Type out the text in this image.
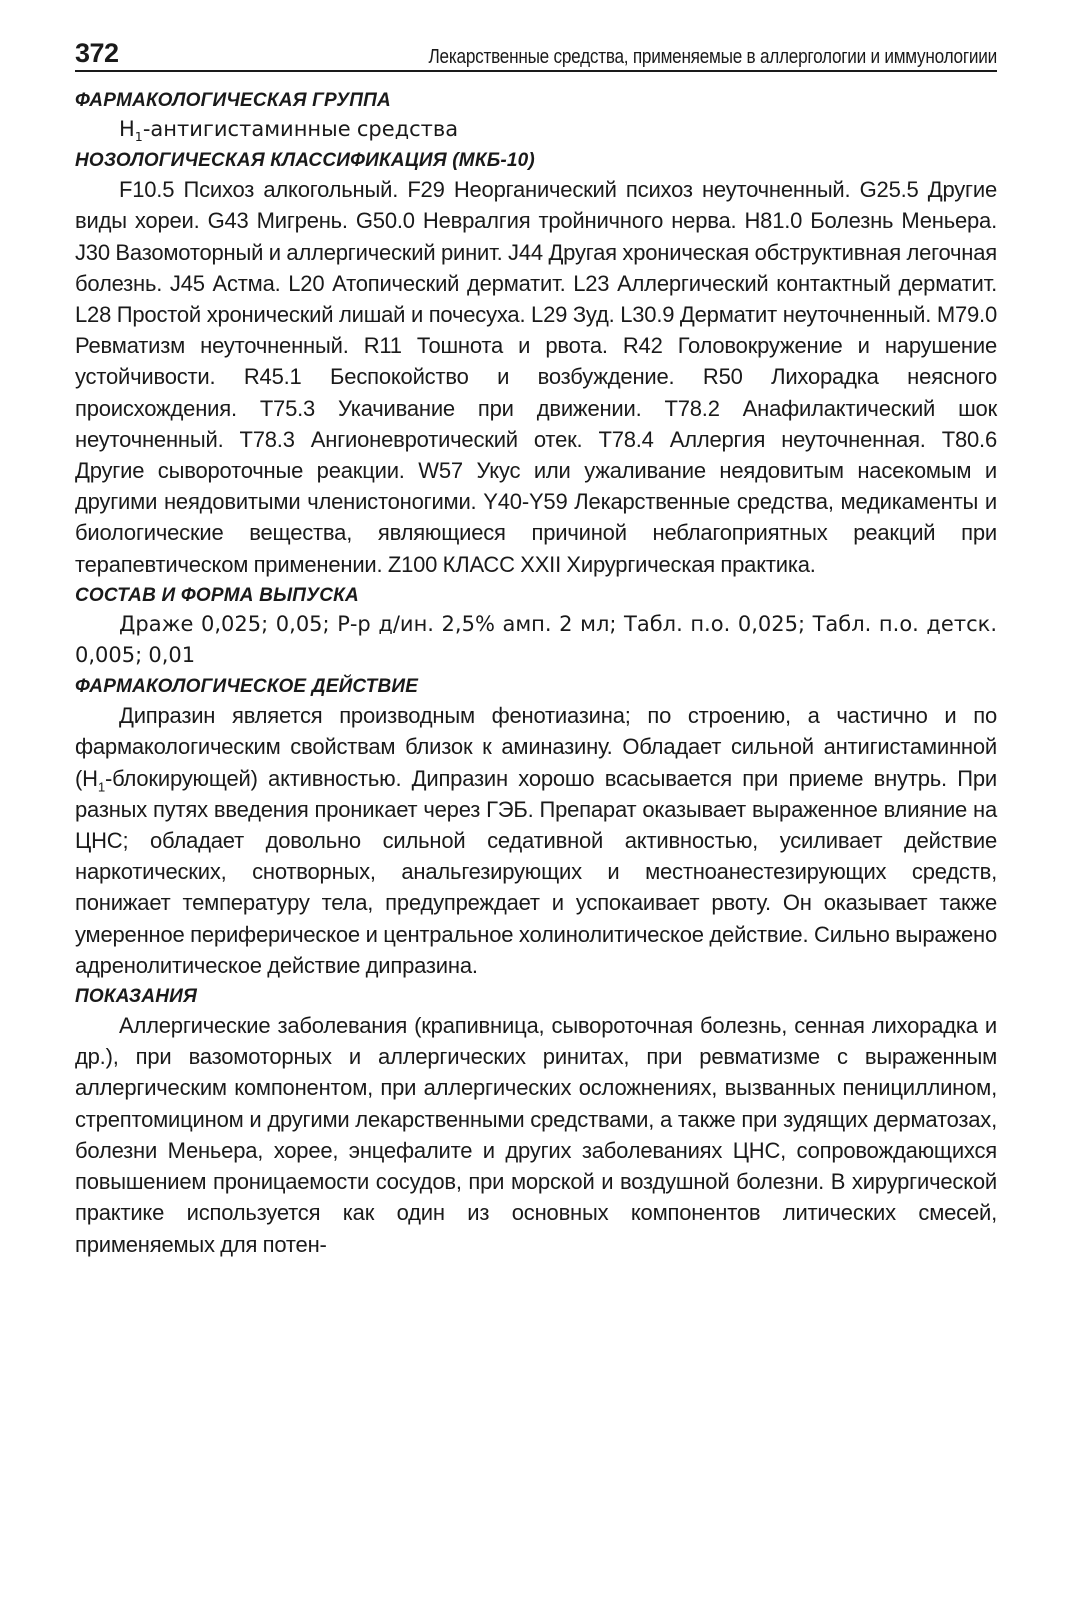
372	Лекарственные средства, применяемые в аллергологии и иммунологиии
ФАРМАКОЛОГИЧЕСКАЯ ГРУППА

$H_1$-антигистаминные средства

НОЗОЛОГИЧЕСКАЯ КЛАССИФИКАЦИЯ (МКБ-10)

F10.5 Психоз алкогольный. F29 Неорганический психоз неуточненный. G25.5 Другие виды хореи. G43 Мигрень. G50.0 Невралгия тройничного нерва. H81.0 Болезнь Меньера. J30 Вазомоторный и аллергический ринит. J44 Другая хроническая обструктивная легочная болезнь. J45 Астма. L20 Атопический дерматит. L23 Аллергический контактный дерматит. L28 Простой хронический лишай и почесуха. L29 Зуд. L30.9 Дерматит неуточненный. M79.0 Ревматизм неуточненный. R11 Тошнота и рвота. R42 Головокружение и нарушение устойчивости. R45.1 Беспокойство и возбуждение. R50 Лихорадка неясного происхождения. T75.3 Укачивание при движении. T78.2 Анафилактический шок неуточненный. T78.3 Ангионевротический отек. T78.4 Аллергия неуточненная. T80.6 Другие сывороточные реакции. W57 Укус или ужаливание неядовитым насекомым и другими неядовитыми членистоногими. Y40-Y59 Лекарственные средства, медикаменты и биологические вещества, являющиеся причиной неблагоприятных реакций при терапевтическом применении. Z100 КЛАСС XXII Хирургическая практика.

СОСТАВ И ФОРМА ВЫПУСКА

Драже 0,025; 0,05; Р-р д/ин. 2,5% амп. 2 мл; Табл. п.о. 0,025; Табл. п.о. детск. 0,005; 0,01

ФАРМАКОЛОГИЧЕСКОЕ ДЕЙСТВИЕ

Дипразин является производным фенотиазина; по строению, а частично и по фармакологическим свойствам близок к аминазину. Обладает сильной антигистаминной $(H_1-блокирующей)$ активностью. Дипразин хорошо всасывается при приеме внутрь. При разных путях введения проникает через ГЭБ. Препарат оказывает выраженное влияние на ЦНС; обладает довольно сильной седативной активностью, усиливает действие наркотических, снотворных, анальгезирующих и местноанестезирующих средств, понижает температуру тела, предупреждает и успокаивает рвоту. Он оказывает также умеренное периферическое и центральное холинолитическое действие. Сильно выражено адренолитическое действие дипразина.

ПОКАЗАНИЯ

Аллергические заболевания (крапивница, сывороточная болезнь, сенная лихорадка и др.), при вазомоторных и аллергических ринитах, при ревматизме с выраженным аллергическим компонентом, при аллергических осложнениях, вызванных пенициллином, стрептомицином и другими лекарственными средствами, а также при зудящих дерматозах, болезни Меньера, хорее, энцефалите и других заболеваниях ЦНС, сопровождающихся повышением проницаемости сосудов, при морской и воздушной болезни. В хирургической практике используется как один из основных компонентов литических смесей, применяемых для потен-
